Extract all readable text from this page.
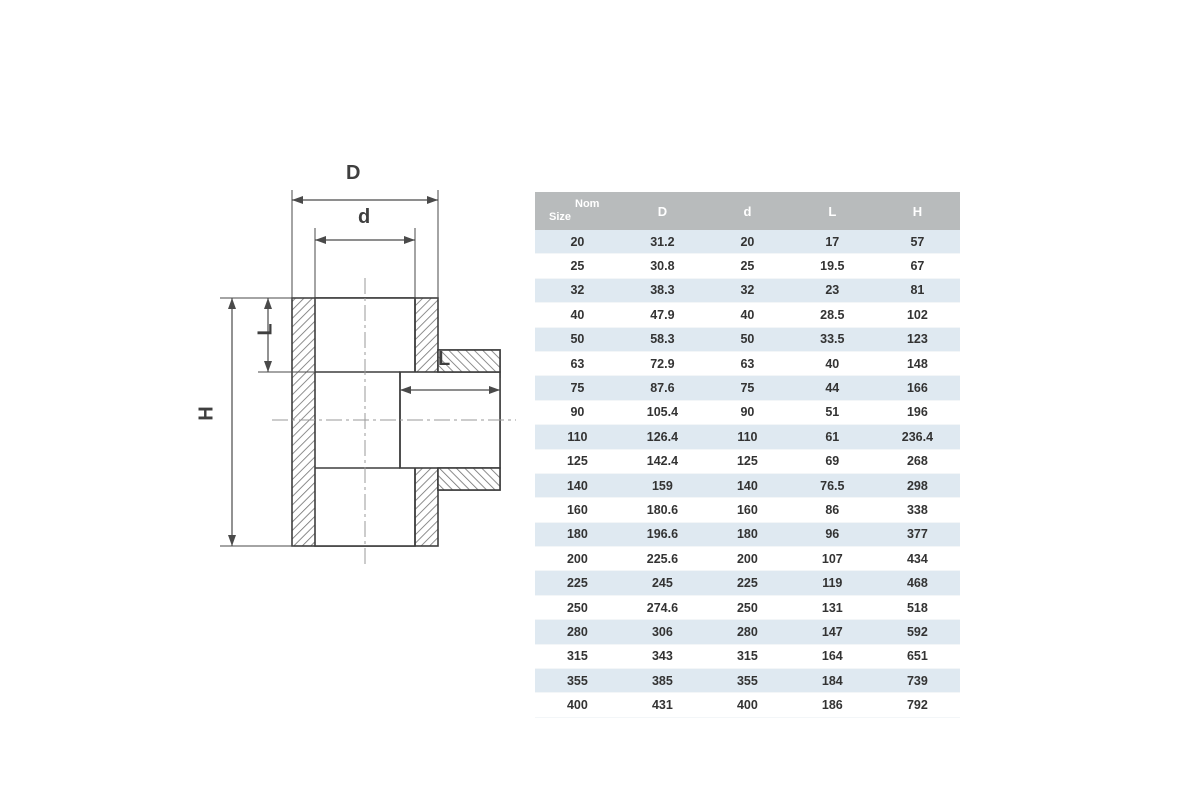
D
d
H
L
L

Size
Nom	D	d	L	H
20	31.2	20	17	57
25	30.8	25	19.5	67
32	38.3	32	23	81
40	47.9	40	28.5	102
50	58.3	50	33.5	123
63	72.9	63	40	148
75	87.6	75	44	166
90	105.4	90	51	196
110	126.4	110	61	236.4
125	142.4	125	69	268
140	159	140	76.5	298
160	180.6	160	86	338
180	196.6	180	96	377
200	225.6	200	107	434
225	245	225	119	468
250	274.6	250	131	518
280	306	280	147	592
315	343	315	164	651
355	385	355	184	739
400	431	400	186	792
